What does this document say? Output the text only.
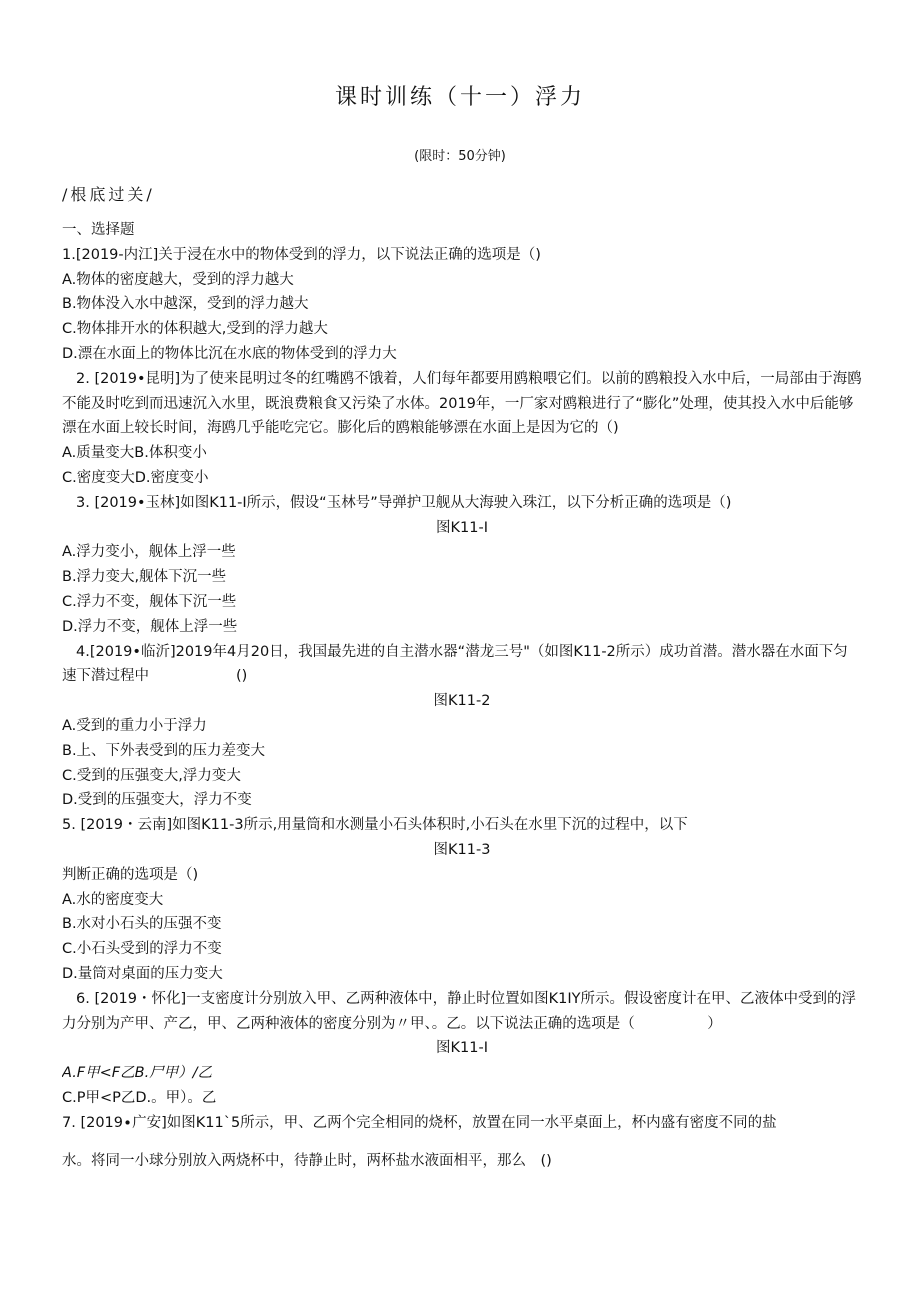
课时训练（十一）浮力
(限时：50分钟)
/根底过关/
一、选择题
1.[2019-内江]关于浸在水中的物体受到的浮力，以下说法正确的选项是（)
A.物体的密度越大，受到的浮力越大
B.物体没入水中越深，受到的浮力越大
C.物体排开水的体积越大,受到的浮力越大
D.漂在水面上的物体比沉在水底的物体受到的浮力大
2. [2019•昆明]为了使来昆明过冬的红嘴鸥不饿着，人们每年都要用鸥粮喂它们。以前的鸥粮投入水中后，一局部由于海鸥不能及时吃到而迅速沉入水里，既浪费粮食又污染了水体。2019年，一厂家对鸥粮进行了“膨化”处理，使其投入水中后能够漂在水面上较长时间，海鸥几乎能吃完它。膨化后的鸥粮能够漂在水面上是因为它的（)
A.质量变大B.体积变小
C.密度变大D.密度变小
3. [2019•玉林]如图K11-I所示，假设“玉林号”导弹护卫舰从大海驶入珠江，以下分析正确的选项是（)
图K11-I
A.浮力变小，舰体上浮一些
B.浮力变大,舰体下沉一些
C.浮力不变，舰体下沉一些
D.浮力不变，舰体上浮一些
4.[2019•临沂]2019年4月20日，我国最先进的自主潜水器“潜龙三号"（如图K11-2所示）成功首潜。潜水器在水面下匀速下潜过程中　　　　　　()
图K11-2
A.受到的重力小于浮力
B.上、下外表受到的压力差变大
C.受到的压强变大,浮力变大
D.受到的压强变大，浮力不变
5. [2019・云南]如图K11-3所示,用量筒和水测量小石头体积时,小石头在水里下沉的过程中，以下
图K11-3
判断正确的选项是（)
A.水的密度变大
B.水对小石头的压强不变
C.小石头受到的浮力不变
D.量筒对桌面的压力变大
6. [2019・怀化]一支密度计分别放入甲、乙两种液体中，静止时位置如图K1IY所示。假设密度计在甲、乙液体中受到的浮力分别为产甲、产乙，甲、乙两种液体的密度分别为〃甲、。乙。以下说法正确的选项是（　　　　　）
图K11-I
A.F甲<F乙B.尸甲）/乙
C.P甲<P乙D.。甲）。乙
7. [2019∙广安]如图K11`5所示，甲、乙两个完全相同的烧杯，放置在同一水平桌面上，杯内盛有密度不同的盐
水。将同一小球分别放入两烧杯中，待静止时，两杯盐水液面相平，那么　()
